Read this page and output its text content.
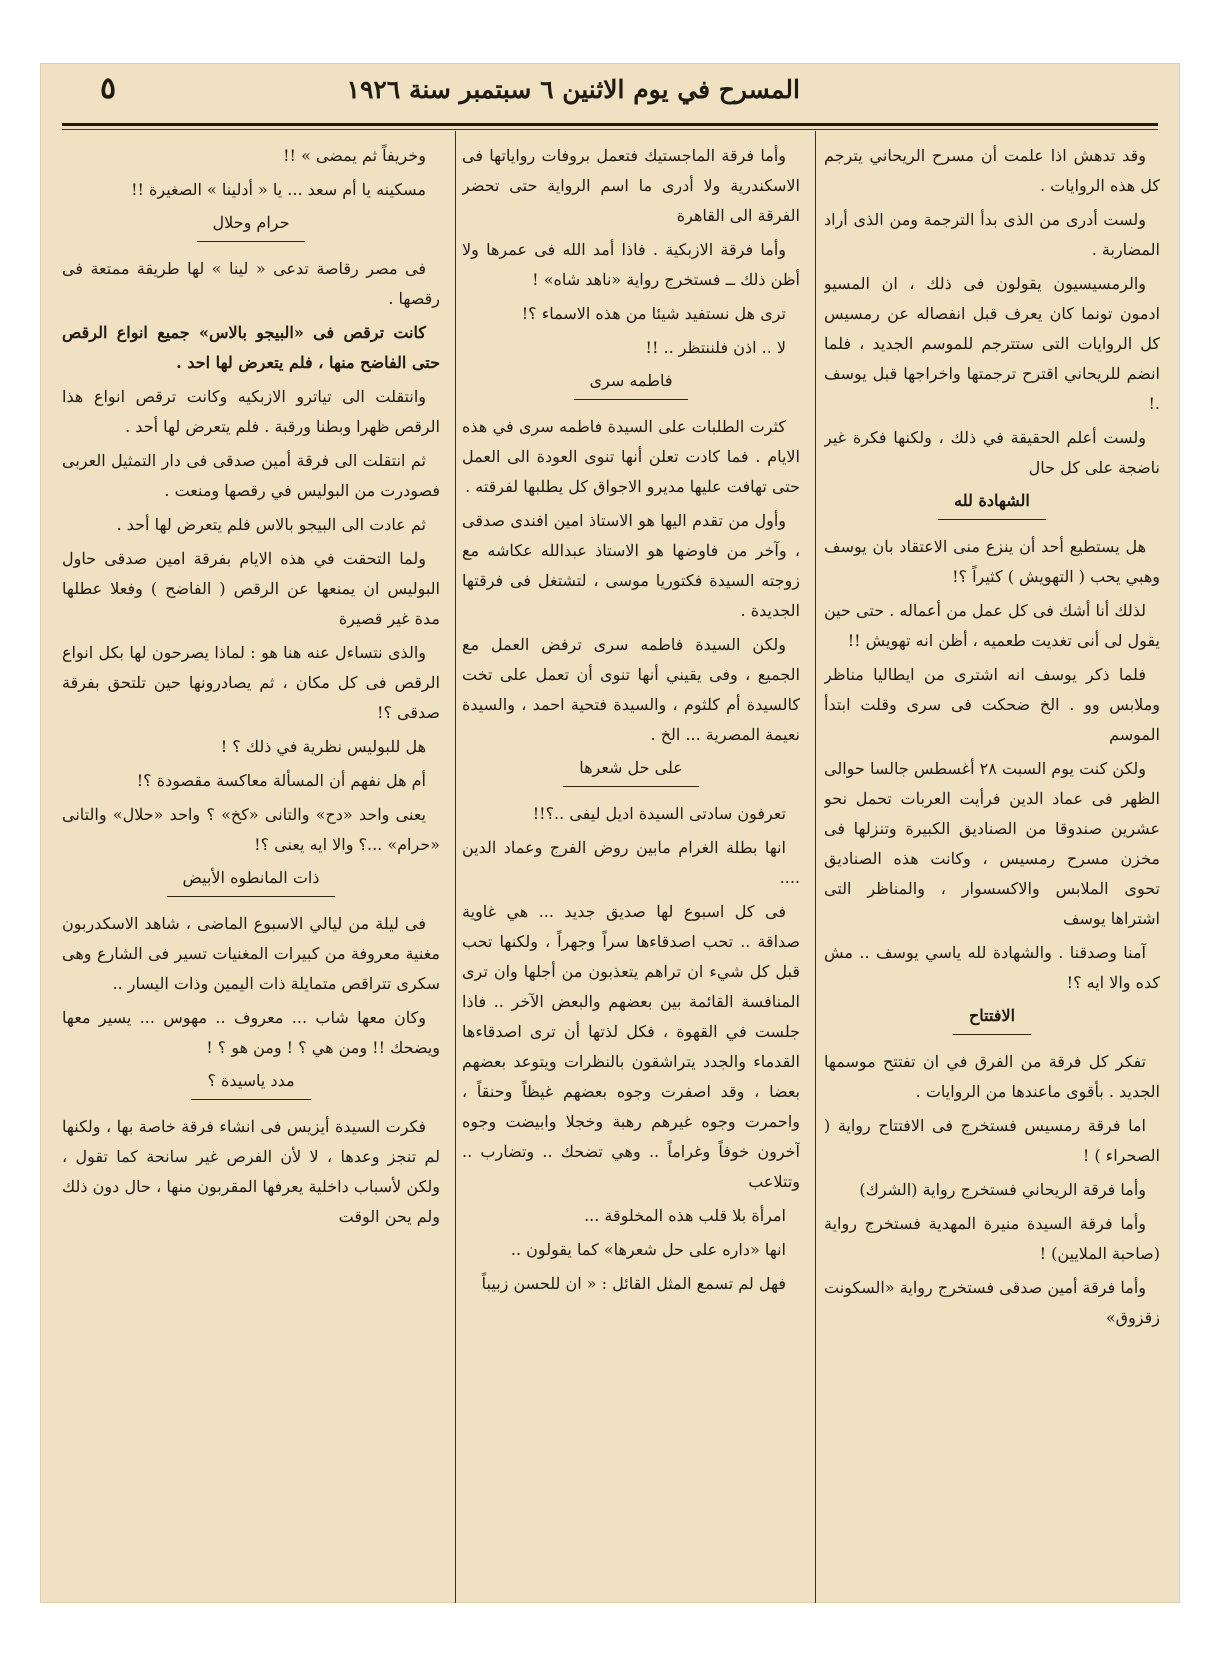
المسرح في يوم الاثنين ٦ سبتمبر سنة ١٩٢٦
٥

وقد تدهش اذا علمت أن مسرح الريحاني يترجم كل هذه الروايات .

ولست أدرى من الذى بدأ الترجمة ومن الذى أراد المضاربة .

والرمسيسيون يقولون فى ذلك ، ان المسيو ادمون تونما كان يعرف قبل انفصاله عن رمسيس كل الروايات التى ستترجم للموسم الجديد ، فلما انضم للريحاني اقترح ترجمتها واخراجها قبل يوسف .!

ولست أعلم الحقيقة في ذلك ، ولكنها فكرة غير ناضجة على كل حال

الشهادة لله

هل يستطيع أحد أن ينزع منى الاعتقاد بان يوسف وهبي يحب ( التهويش ) كثيراً ؟!

لذلك أنا أشك فى كل عمل من أعماله . حتى حين يقول لى أنى تغديت طعميه ، أظن انه تهويش !!

فلما ذكر يوسف انه اشترى من ايطاليا مناظر وملابس وو . الخ ضحكت فى سرى وقلت ابتدأ الموسم

ولكن كنت يوم السبت ٢٨ أغسطس جالسا حوالى الظهر فى عماد الدين فرأيت العربات تحمل نحو عشرين صندوقا من الصناديق الكبيرة وتنزلها فى مخزن مسرح رمسيس ، وكانت هذه الصناديق تحوى الملابس والاكسسوار ، والمناظر التى اشتراها يوسف

آمنا وصدقنا . والشهادة لله ياسي يوسف .. مش كده والا ايه ؟!

الافتتاح

تفكر كل فرقة من الفرق في ان تفتتح موسمها الجديد . بأقوى ماعندها من الروايات .

اما فرقة رمسيس فستخرج فى الافتتاح رواية ( الصحراء ) !

وأما فرقة الريحاني فستخرج رواية (الشرك)

وأما فرقة السيدة منيرة المهدية فستخرج رواية (صاحبة الملايين) !

وأما فرقة أمين صدقى فستخرج رواية «السكونت زقزوق»

وأما فرقة الماجستيك فتعمل بروفات رواياتها فى الاسكندرية ولا أدرى ما اسم الرواية حتى تحضر الفرقة الى القاهرة

وأما فرقة الازبكية . فاذا أمد الله فى عمرها ولا أظن ذلك ــ فستخرج رواية «ناهد شاه» !

ترى هل نستفيد شيئا من هذه الاسماء ؟!

لا .. اذن فلننتظر .. !!

فاطمه سرى

كثرت الطلبات على السيدة فاطمه سرى في هذه الايام . فما كادت تعلن أنها تنوى العودة الى العمل حتى تهافت عليها مديرو الاجواق كل يطلبها لفرقته .

وأول من تقدم اليها هو الاستاذ امين افندى صدقى ، وآخر من فاوضها هو الاستاذ عبدالله عكاشه مع زوجته السيدة فكتوريا موسى ، لتشتغل فى فرقتها الجديدة .

ولكن السيدة فاطمه سرى ترفض العمل مع الجميع ، وفى يقيني أنها تنوى أن تعمل على تخت كالسيدة أم كلثوم ، والسيدة فتحية احمد ، والسيدة نعيمة المصرية ... الخ .

على حل شعرها

تعرفون سادتى السيدة اديل ليفى ..؟!!

انها بطلة الغرام مابين روض الفرج وعماد الدين ....

فى كل اسبوع لها صديق جديد ... هي غاوية صداقة .. تحب اصدقاءها سراً وجهراً ، ولكنها تحب قبل كل شيء ان تراهم يتعذبون من أجلها وان ترى المنافسة القائمة بين بعضهم والبعض الآخر .. فاذا جلست في القهوة ، فكل لذتها أن ترى اصدقاءها القدماء والجدد يتراشقون بالنظرات ويتوعد بعضهم بعضا ، وقد اصفرت وجوه بعضهم غيظاً وحنقاً ، واحمرت وجوه غيرهم رهبة وخجلا وابيضت وجوه آخرون خوفاً وغراماً .. وهي تضحك .. وتضارب .. وتتلاعب

امرأة بلا قلب هذه المخلوقة ...

انها «داره على حل شعرها» كما يقولون ..

فهل لم تسمع المثل القائل : « ان للحسن زبيباً

وخريفاً ثم يمضى » !!

مسكينه يا أم سعد ... يا « أدلينا » الصغيرة !!

حرام وحلال

فى مصر رقاصة تدعى « لينا » لها طريقة ممتعة فى رقصها .

كانت ترقص فى «البيجو بالاس» جميع انواع الرقص حتى الفاضح منها ، فلم يتعرض لها احد .

وانتقلت الى تياترو الازبكيه وكانت ترقص انواع هذا الرقص ظهرا وبطنا ورقبة . فلم يتعرض لها أحد .

ثم انتقلت الى فرقة أمين صدقى فى دار التمثيل العربى فصودرت من البوليس في رقصها ومنعت .

ثم عادت الى البيجو بالاس فلم يتعرض لها أحد .

ولما التحقت في هذه الايام بفرقة امين صدقى حاول البوليس ان يمنعها عن الرقص ( الفاضح ) وفعلا عطلها مدة غير قصيرة

والذى نتساءل عنه هنا هو : لماذا يصرحون لها بكل انواع الرقص فى كل مكان ، ثم يصادرونها حين تلتحق بفرقة صدقى ؟!

هل للبوليس نظرية في ذلك ؟ !

أم هل نفهم أن المسألة معاكسة مقصودة ؟!

يعنى واحد «دح» والتانى «كخ» ؟ واحد «حلال» والتانى «حرام» ...؟ والا ايه يعنى ؟!

ذات المانطوه الأبيض

فى ليلة من ليالي الاسبوع الماضى ، شاهد الاسكدربون مغنية معروفة من كبيرات المغنيات تسير فى الشارع وهى سكرى تتراقص متمايلة ذات اليمين وذات اليسار ..

وكان معها شاب ... معروف .. مهوس ... يسير معها ويضحك !! ومن هي ؟ ! ومن هو ؟ !

مدد ياسيدة ؟

فكرت السيدة أيزيس فى انشاء فرقة خاصة بها ، ولكنها لم تنجز وعدها ، لا لأن الفرص غير سانحة كما تقول ، ولكن لأسباب داخلية يعرفها المقربون منها ، حال دون ذلك ولم يحن الوقت
